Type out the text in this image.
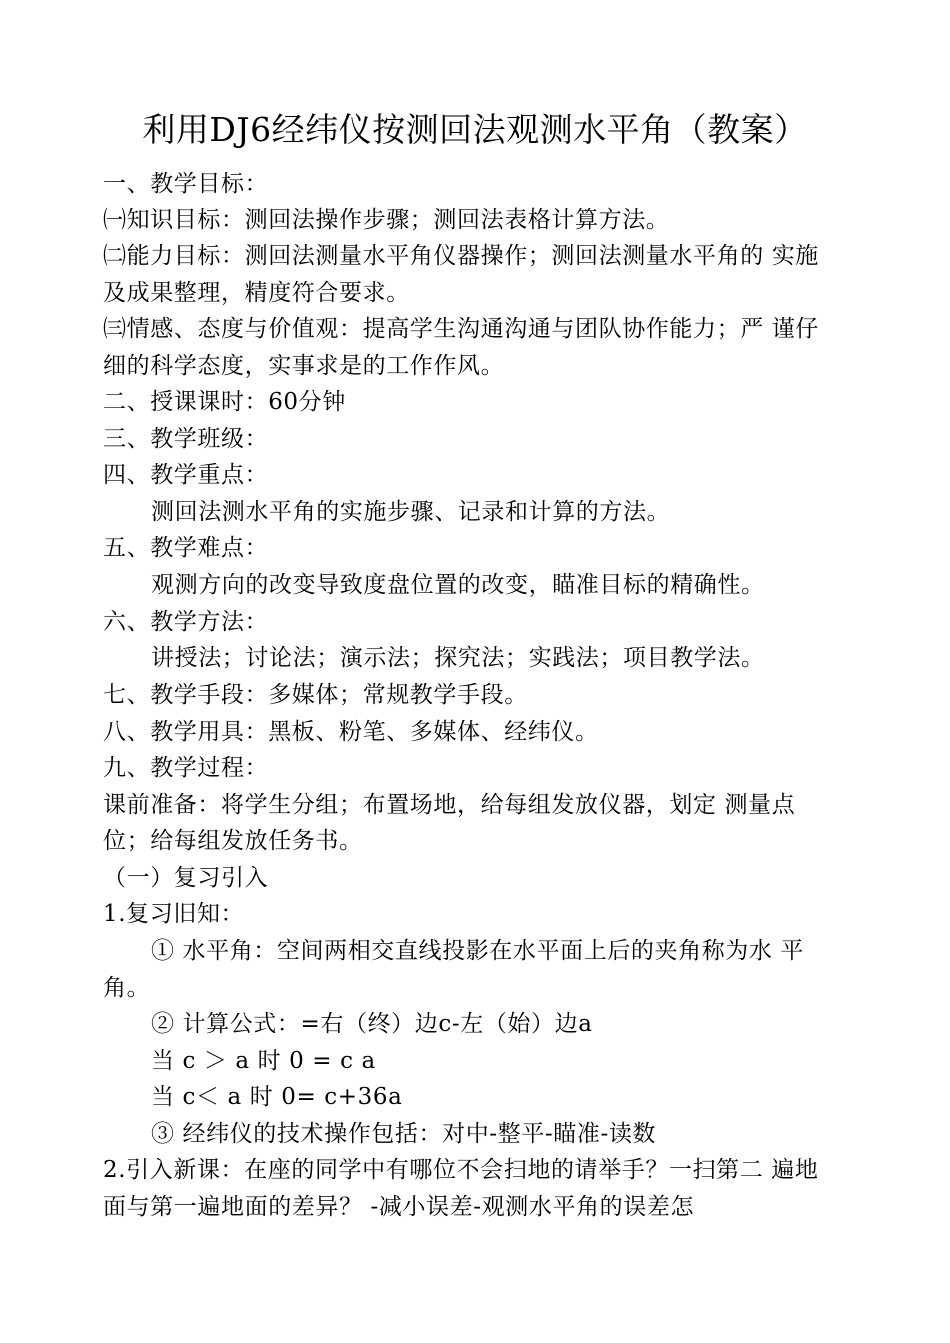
利用DJ6经纬仪按测回法观测水平角（教案）
一、教学目标：
㈠知识目标：测回法操作步骤；测回法表格计算方法。
㈡能力目标：测回法测量水平角仪器操作；测回法测量水平角的 实施
及成果整理，精度符合要求。
㈢情感、态度与价值观：提高学生沟通沟通与团队协作能力；严 谨仔
细的科学态度，实事求是的工作作风。
二、授课课时：60分钟
三、教学班级：
四、教学重点：
测回法测水平角的实施步骤、记录和计算的方法。
五、教学难点：
观测方向的改变导致度盘位置的改变，瞄准目标的精确性。
六、教学方法：
讲授法；讨论法；演示法；探究法；实践法；项目教学法。
七、教学手段：多媒体；常规教学手段。
八、教学用具：黑板、粉笔、多媒体、经纬仪。
九、教学过程：
课前准备：将学生分组；布置场地，给每组发放仪器，划定 测量点
位；给每组发放任务书。
（一）复习引入
1.复习旧知：
① 水平角：空间两相交直线投影在水平面上后的夹角称为水 平
角。
② 计算公式：=右（终）边c-左（始）边a
当 c ＞ a 时 0 = c a
当 c＜ a 时 0= c+36a
③ 经纬仪的技术操作包括：对中-整平-瞄准-读数
2.引入新课：在座的同学中有哪位不会扫地的请举手？一扫第二 遍地
面与第一遍地面的差异？ -减小误差-观测水平角的误差怎
